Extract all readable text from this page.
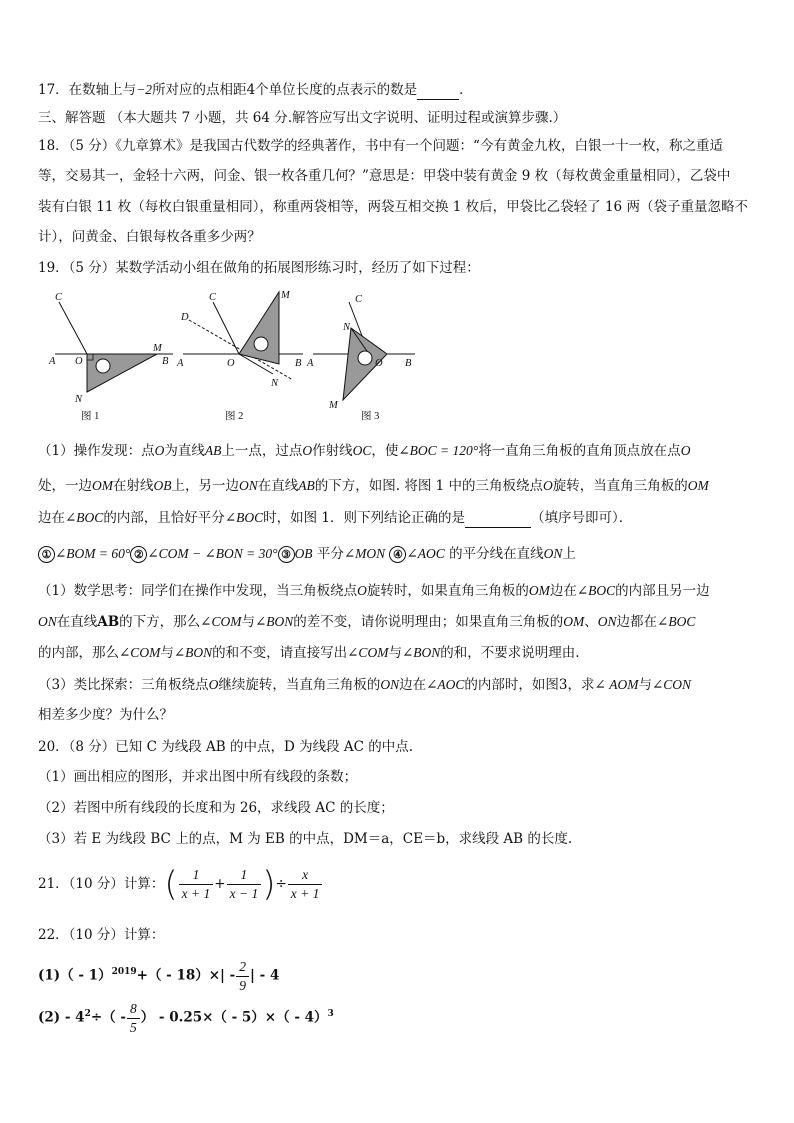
17．在数轴上与−2所对应的点相距4个单位长度的点表示的数是	．
三、解答题 （本大题共 7 小题，共 64 分.解答应写出文字说明、证明过程或演算步骤.）
18．（5 分）《九章算术》是我国古代数学的经典著作，书中有一个问题：“今有黄金九枚，白银一十一枚，称之重适
等，交易其一，金轻十六两，问金、银一枚各重几何？”意思是：甲袋中装有黄金 9 枚（每枚黄金重量相同），乙袋中
装有白银 11 枚（每枚白银重量相同），称重两袋相等，两袋互相交换 1 枚后，甲袋比乙袋轻了 16 两（袋子重量忽略不
计），问黄金、白银每枚各重多少两？
19．（5 分）某数学活动小组在做角的拓展图形练习时，经历了如下过程：
C
A O
M
B
N
图 1
C	M
D
A	O	B
N
图 2
C
N
A	O B
M
图 3
（1）操作发现：点O为直线AB上一点，过点O作射线OC，使∠BOC = 120°将一直角三角板的直角顶点放在点O
处，一边OM在射线OB上，另一边ON在直线AB的下方，如图. 将图 1 中的三角板绕点O旋转，当直角三角板的OM
边在∠BOC的内部，且恰好平分∠BOC时，如图 1．则下列结论正确的是	（填序号即可）．
① ∠BOM = 60° ② ∠COM − ∠BON = 30° ③ OB 平分∠MON ④ ∠AOC 的平分线在直线ON上
（1）数学思考：同学们在操作中发现，当三角板绕点O旋转时，如果直角三角板的OM边在∠BOC的内部且另一边
ON在直线AB的下方，那么∠COM与∠BON的差不变，请你说明理由；如果直角三角板的OM、ON边都在∠BOC
的内部，那么∠COM与∠BON的和不变，请直接写出∠COM与∠BON的和，不要求说明理由.
（3）类比探索：三角板绕点O继续旋转，当直角三角板的ON边在∠AOC的内部时，如图3，求∠ AOM与∠CON
相差多少度？为什么？
20．（8 分）已知 C 为线段 AB 的中点，D 为线段 AC 的中点.
（1）画出相应的图形，并求出图中所有线段的条数；
（2）若图中所有线段的长度和为 26，求线段 AC 的长度；
（3）若 E 为线段 BC 上的点，M 为 EB 的中点，DM＝a，CE＝b，求线段 AB 的长度.
21．（10 分）计算：( $\frac{1}{x + 1} + \frac{1}{x - 1}$ )÷ $\frac{x}{x + 1}$
22．（10 分）计算：
$(1)( - 1)^{2019}+( - 18)\times| - \frac{2}{9}$ | - 4
$(2) - 4^2\div( - \frac{8}{5}$ ） - 0.25×（ - 5）×（ - 4）$^3$
